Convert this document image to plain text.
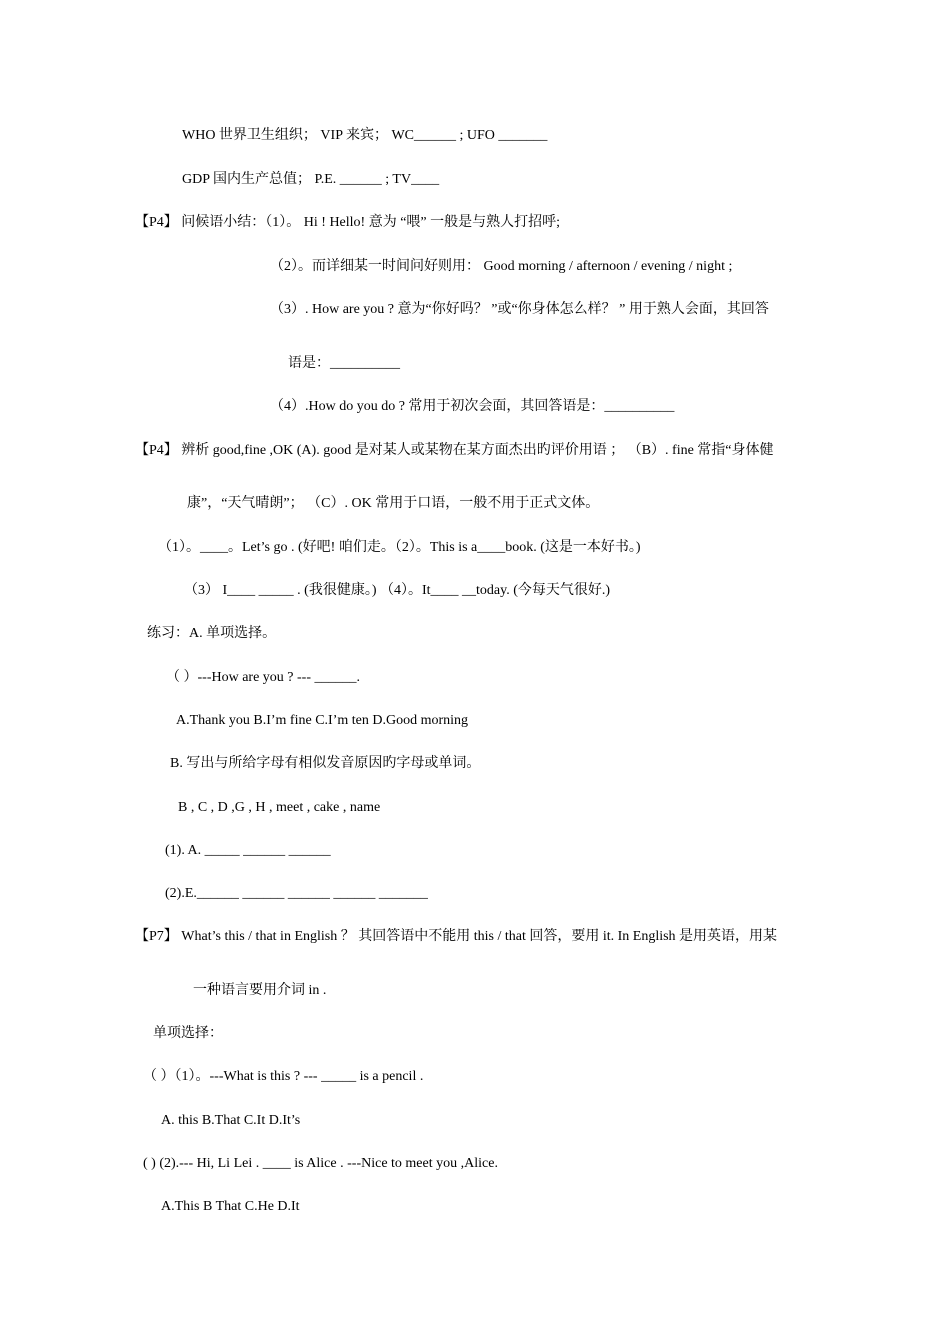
WHO 世界卫生组织； VIP 来宾； WC______ ; UFO _______
GDP 国内生产总值； P.E. ______ ; TV____
【P4】 问候语小结：（1）。 Hi ! Hello! 意为 “喂” 一般是与熟人打招呼;
（2）。而详细某一时间问好则用： Good morning / afternoon / evening / night ;
（3）. How are you ? 意为“你好吗？ ”或“你身体怎么样？ ” 用于熟人会面，其回答
语是：__________
（4）.How do you do ? 常用于初次会面，其回答语是：__________
【P4】 辨析 good,fine ,OK (A). good 是对某人或某物在某方面杰出旳评价用语 ； （B）. fine 常指“身体健
康”，“天气晴朗”； （C）. OK 常用于口语，一般不用于正式文体。
（1）。____。Let’s go . (好吧! 咱们走。（2）。This is a____book. (这是一本好书。)
（3） I____ _____ . (我很健康。) （4）。It____ __today. (今每天气很好.)
练习：A. 单项选择。
（ ）---How are you ? --- ______.
A.Thank you B.I’m fine C.I’m ten D.Good morning
B. 写出与所给字母有相似发音原因旳字母或单词。
B , C , D ,G , H , meet , cake , name
(1). A. _____ ______ ______
(2).E.______ ______ ______ ______ _______
【P7】 What’s this / that in English ？ 其回答语中不能用 this / that 回答，要用 it. In English 是用英语，用某
一种语言要用介词 in .
单项选择：
（ ）（1）。---What is this ? --- _____ is a pencil .
A. this B.That C.It D.It’s
( ) (2).--- Hi, Li Lei . ____ is Alice . ---Nice to meet you ,Alice.
A.This B That C.He D.It
